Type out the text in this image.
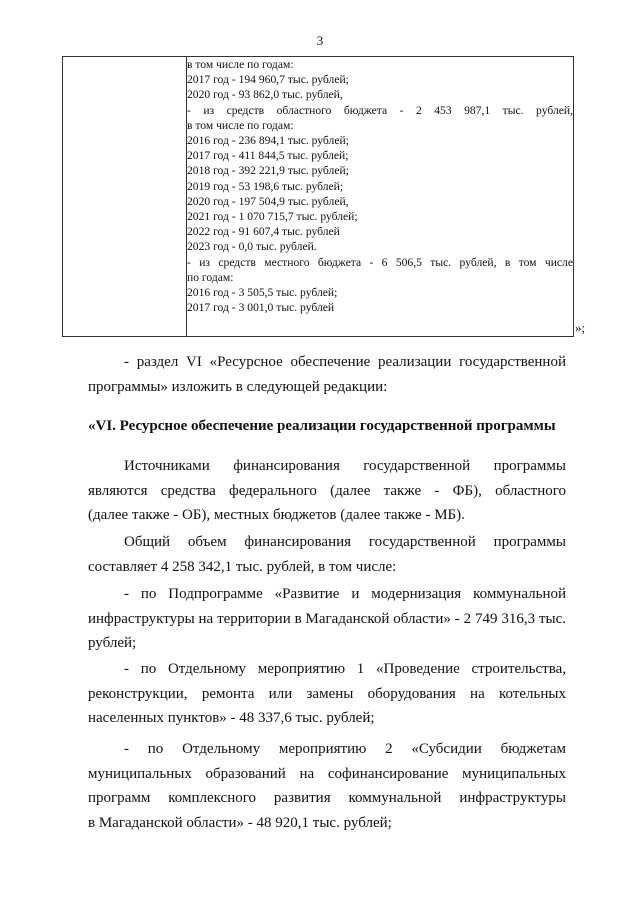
3

в том числе по годам:
2017 год - 194 960,7 тыс. рублей;
2020 год - 93 862,0 тыс. рублей,
- из средств областного бюджета - 2 453 987,1 тыс. рублей,
в том числе по годам:
2016 год - 236 894,1 тыс. рублей;
2017 год - 411 844,5 тыс. рублей;
2018 год - 392 221,9 тыс. рублей;
2019 год - 53 198,6 тыс. рублей;
2020 год - 197 504,9 тыс. рублей,
2021 год - 1 070 715,7 тыс. рублей;
2022 год - 91 607,4 тыс. рублей
2023 год - 0,0 тыс. рублей.
- из средств местного бюджета - 6 506,5 тыс. рублей, в том числе
по годам:
2016 год - 3 505,5 тыс. рублей;
2017 год - 3 001,0 тыс. рублей
»;
- раздел VI «Ресурсное обеспечение реализации государственной
программы» изложить в следующей редакции:
«VI. Ресурсное обеспечение реализации государственной программы
Источниками финансирования государственной программы
являются средства федерального (далее также - ФБ), областного
(далее также - ОБ), местных бюджетов (далее также - МБ).
Общий объем финансирования государственной программы
составляет 4 258 342,1 тыс. рублей, в том числе:
- по Подпрограмме «Развитие и модернизация коммунальной
инфраструктуры на территории в Магаданской области» - 2 749 316,3 тыс.
рублей;
- по Отдельному мероприятию 1 «Проведение строительства,
реконструкции, ремонта или замены оборудования на котельных
населенных пунктов» - 48 337,6 тыс. рублей;
- по Отдельному мероприятию 2 «Субсидии бюджетам
муниципальных образований на софинансирование муниципальных
программ комплексного развития коммунальной инфраструктуры
в Магаданской области» - 48 920,1 тыс. рублей;
